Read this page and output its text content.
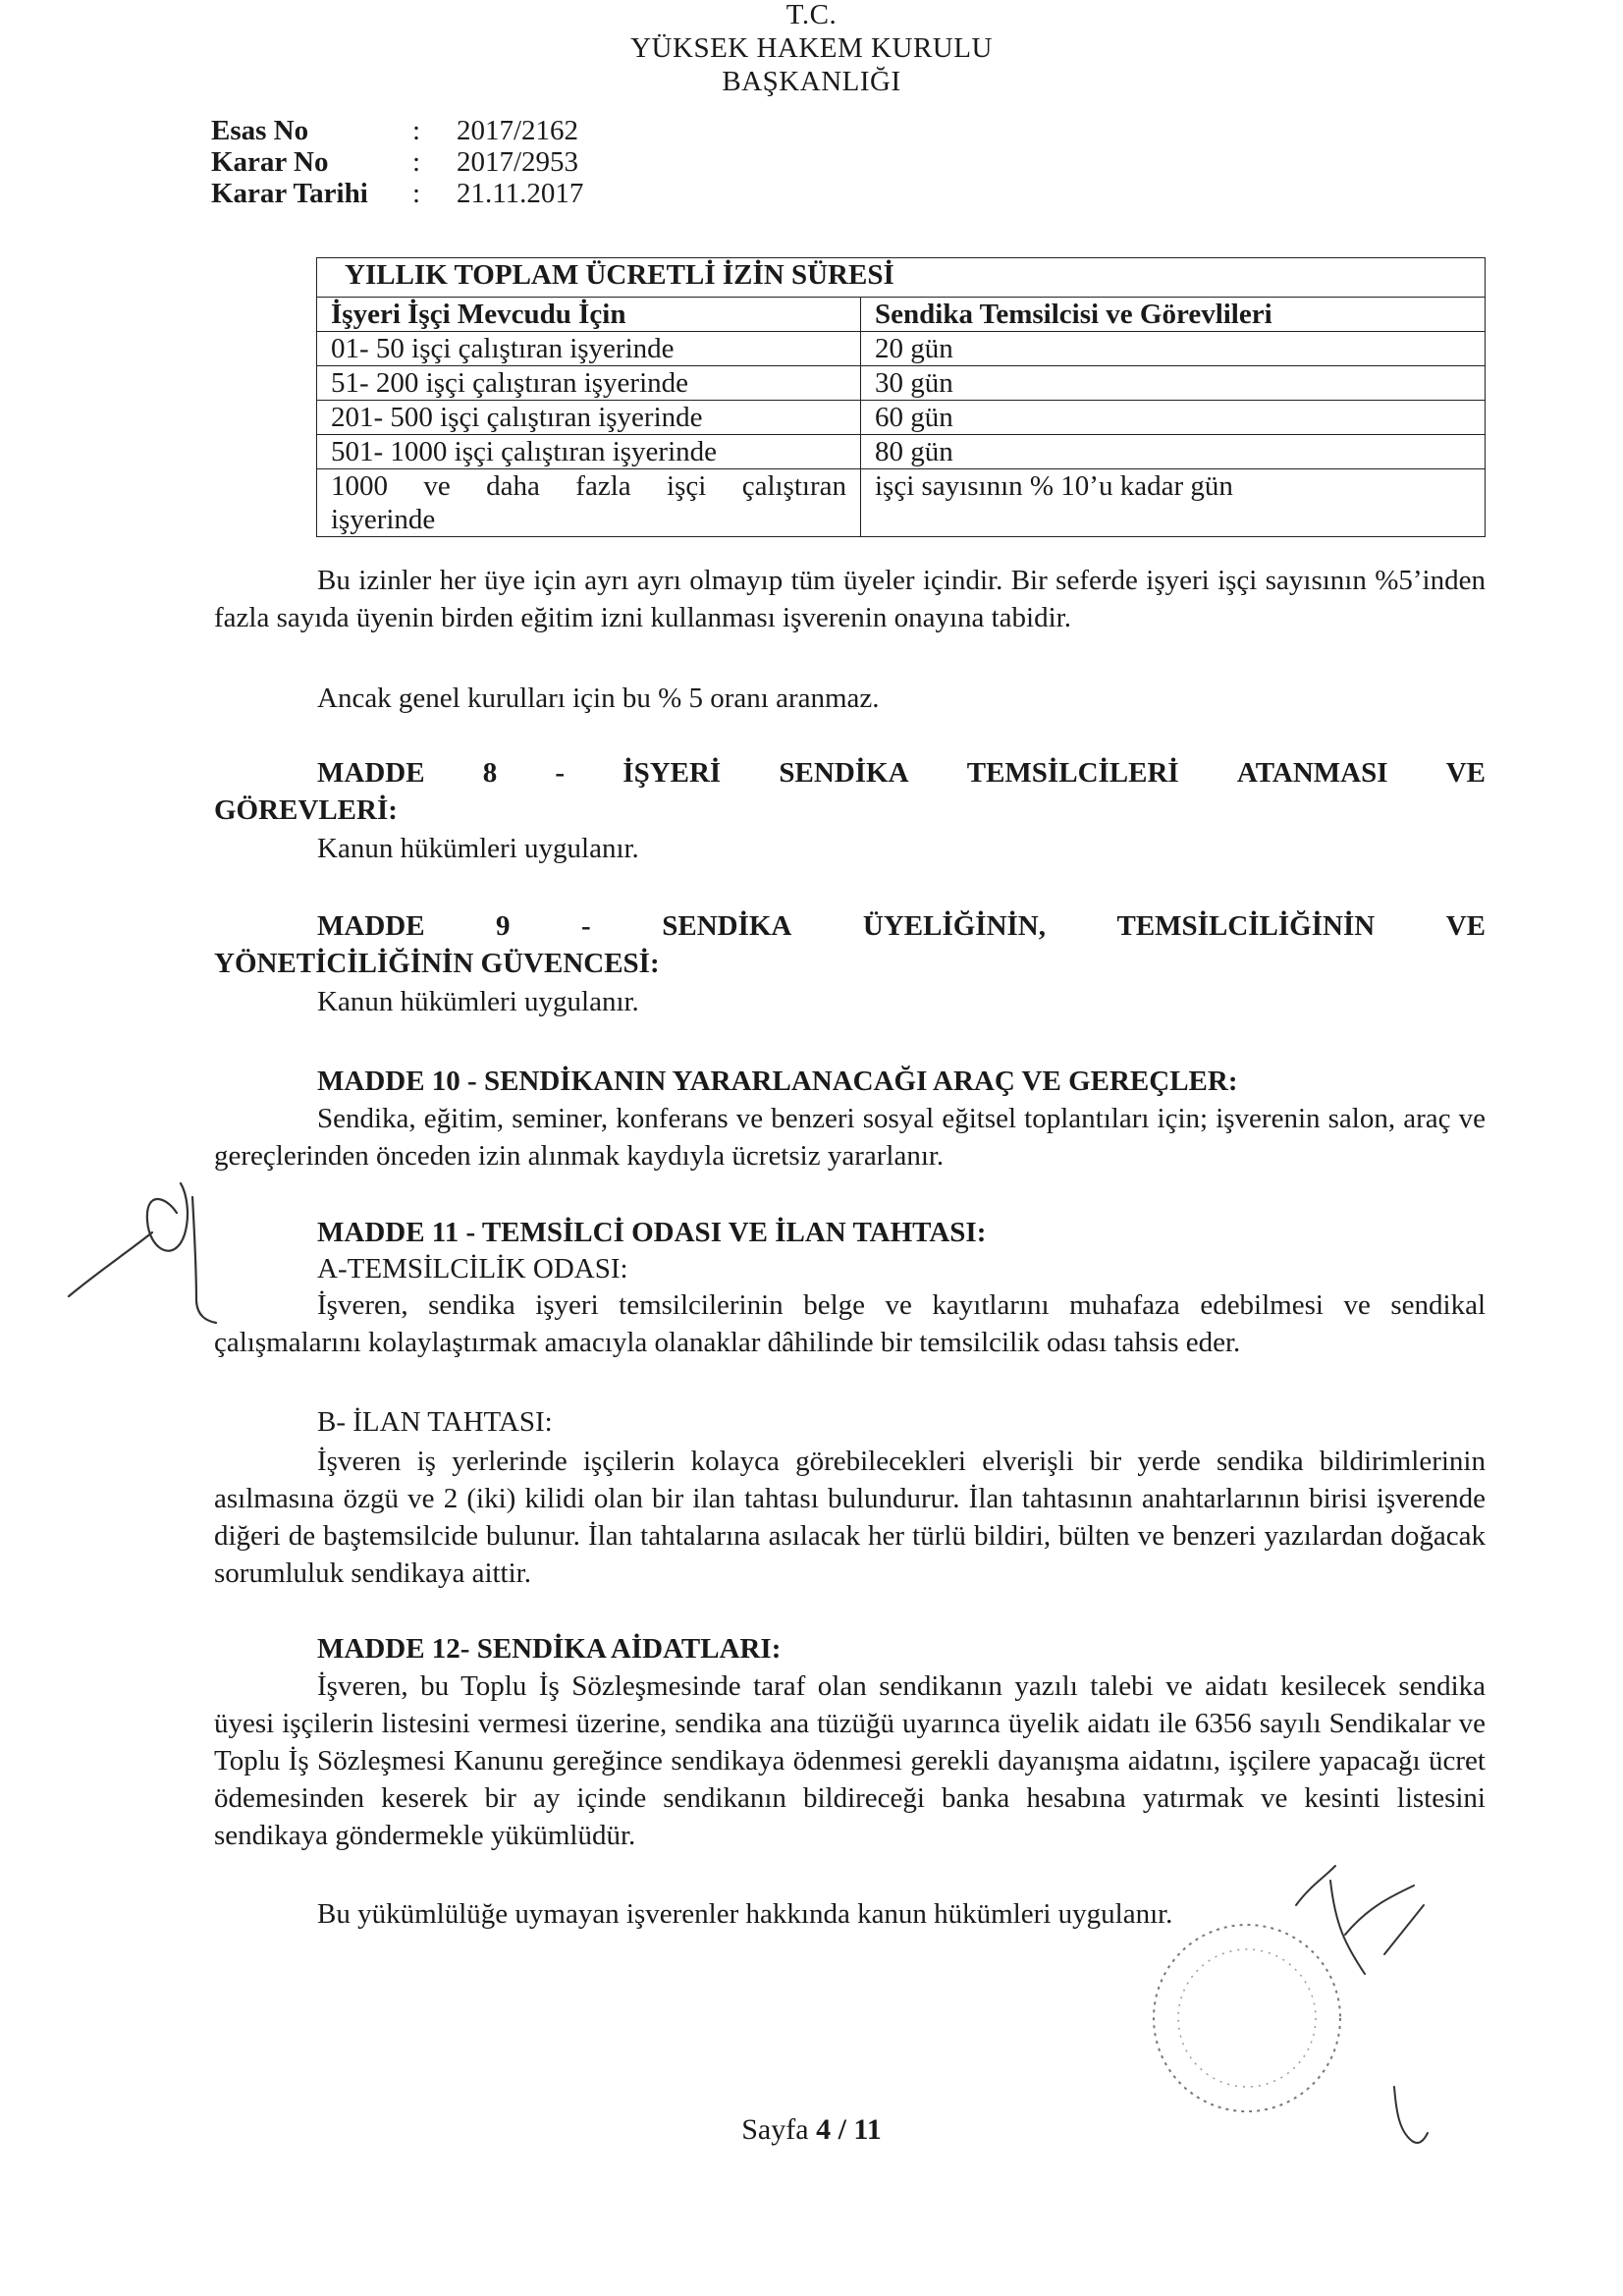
T.C.
YÜKSEK HAKEM KURULU
BAŞKANLIĞI
Esas No	: 2017/2162
Karar No	: 2017/2953
Karar Tarihi : 21.11.2017
YILLIK TOPLAM ÜCRETLİ İZİN SÜRESİ	
İşyeri İşçi Mevcudu İçin	Sendika Temsilcisi ve Görevlileri
01- 50 işçi çalıştıran işyerinde	20 gün
51- 200 işçi çalıştıran işyerinde	30 gün
201- 500 işçi çalıştıran işyerinde	60 gün
501- 1000 işçi çalıştıran işyerinde	80 gün

1000 ve daha fazla işçi çalıştıran
işyerinde	işçi sayısının % 10’u kadar gün
Bu izinler her üye için ayrı ayrı olmayıp tüm üyeler içindir. Bir seferde işyeri işçi sayısının %5’inden fazla sayıda üyenin birden eğitim izni kullanması işverenin onayına tabidir.
Ancak genel kurulları için bu % 5 oranı aranmaz.
MADDE 8 - İŞYERİ SENDİKA TEMSİLCİLERİ ATANMASI VE
GÖREVLERİ:
Kanun hükümleri uygulanır.
MADDE	9	-	SENDİKA	ÜYELİĞİNİN,	TEMSİLCİLİĞİNİN	VE
YÖNETİCİLİĞİNİN GÜVENCESİ:
Kanun hükümleri uygulanır.
MADDE 10 - SENDİKANIN YARARLANACAĞI ARAÇ VE GEREÇLER:
Sendika, eğitim, seminer, konferans ve benzeri sosyal eğitsel toplantıları için; işverenin salon, araç ve gereçlerinden önceden izin alınmak kaydıyla ücretsiz yararlanır.
MADDE 11 - TEMSİLCİ ODASI VE İLAN TAHTASI:
A-TEMSİLCİLİK ODASI:
İşveren, sendika işyeri temsilcilerinin belge ve kayıtlarını muhafaza edebilmesi ve sendikal çalışmalarını kolaylaştırmak amacıyla olanaklar dâhilinde bir temsilcilik odası tahsis eder.
B- İLAN TAHTASI:
İşveren iş yerlerinde işçilerin kolayca görebilecekleri elverişli bir yerde sendika bildirimlerinin asılmasına özgü ve 2 (iki) kilidi olan bir ilan tahtası bulundurur. İlan tahtasının anahtarlarının birisi işverende diğeri de baştemsilcide bulunur. İlan tahtalarına asılacak her türlü bildiri, bülten ve benzeri yazılardan doğacak sorumluluk sendikaya aittir.
MADDE 12- SENDİKA AİDATLARI:
İşveren, bu Toplu İş Sözleşmesinde taraf olan sendikanın yazılı talebi ve aidatı kesilecek sendika üyesi işçilerin listesini vermesi üzerine, sendika ana tüzüğü uyarınca üyelik aidatı ile 6356 sayılı Sendikalar ve Toplu İş Sözleşmesi Kanunu gereğince sendikaya ödenmesi gerekli dayanışma aidatını, işçilere yapacağı ücret ödemesinden keserek bir ay içinde sendikanın bildireceği banka hesabına yatırmak ve kesinti listesini sendikaya göndermekle yükümlüdür.
Bu yükümlülüğe uymayan işverenler hakkında kanun hükümleri uygulanır.
Sayfa 4 / 11
